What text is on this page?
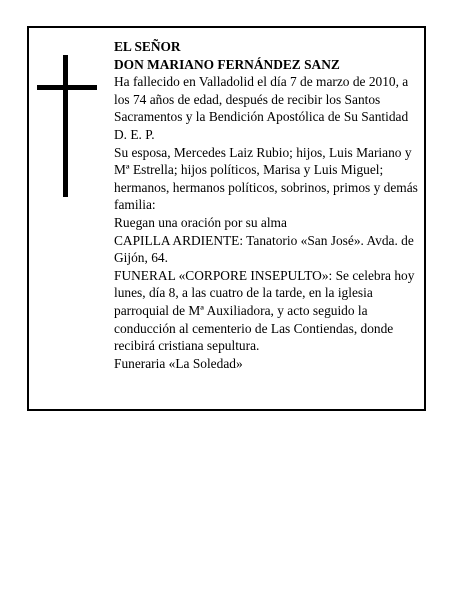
EL SEÑOR

DON MARIANO FERNÁNDEZ SANZ

Ha fallecido en Valladolid el día 7 de marzo de 2010, a los 74 años de edad, después de recibir los Santos Sacramentos y la Bendición Apostólica de Su Santidad D. E. P.

Su esposa, Mercedes Laiz Rubio; hijos, Luis Mariano y Mª Estrella; hijos políticos, Marisa y Luis Miguel; hermanos, hermanos políticos, sobrinos, primos y demás familia:

Ruegan una oración por su alma

CAPILLA ARDIENTE: Tanatorio «San José». Avda. de Gijón, 64.

FUNERAL «CORPORE INSEPULTO»: Se celebra hoy lunes, día 8, a las cuatro de la tarde, en la iglesia parroquial de Mª Auxiliadora, y acto seguido la conducción al cementerio de Las Contiendas, donde recibirá cristiana sepultura.

Funeraria «La Soledad»
